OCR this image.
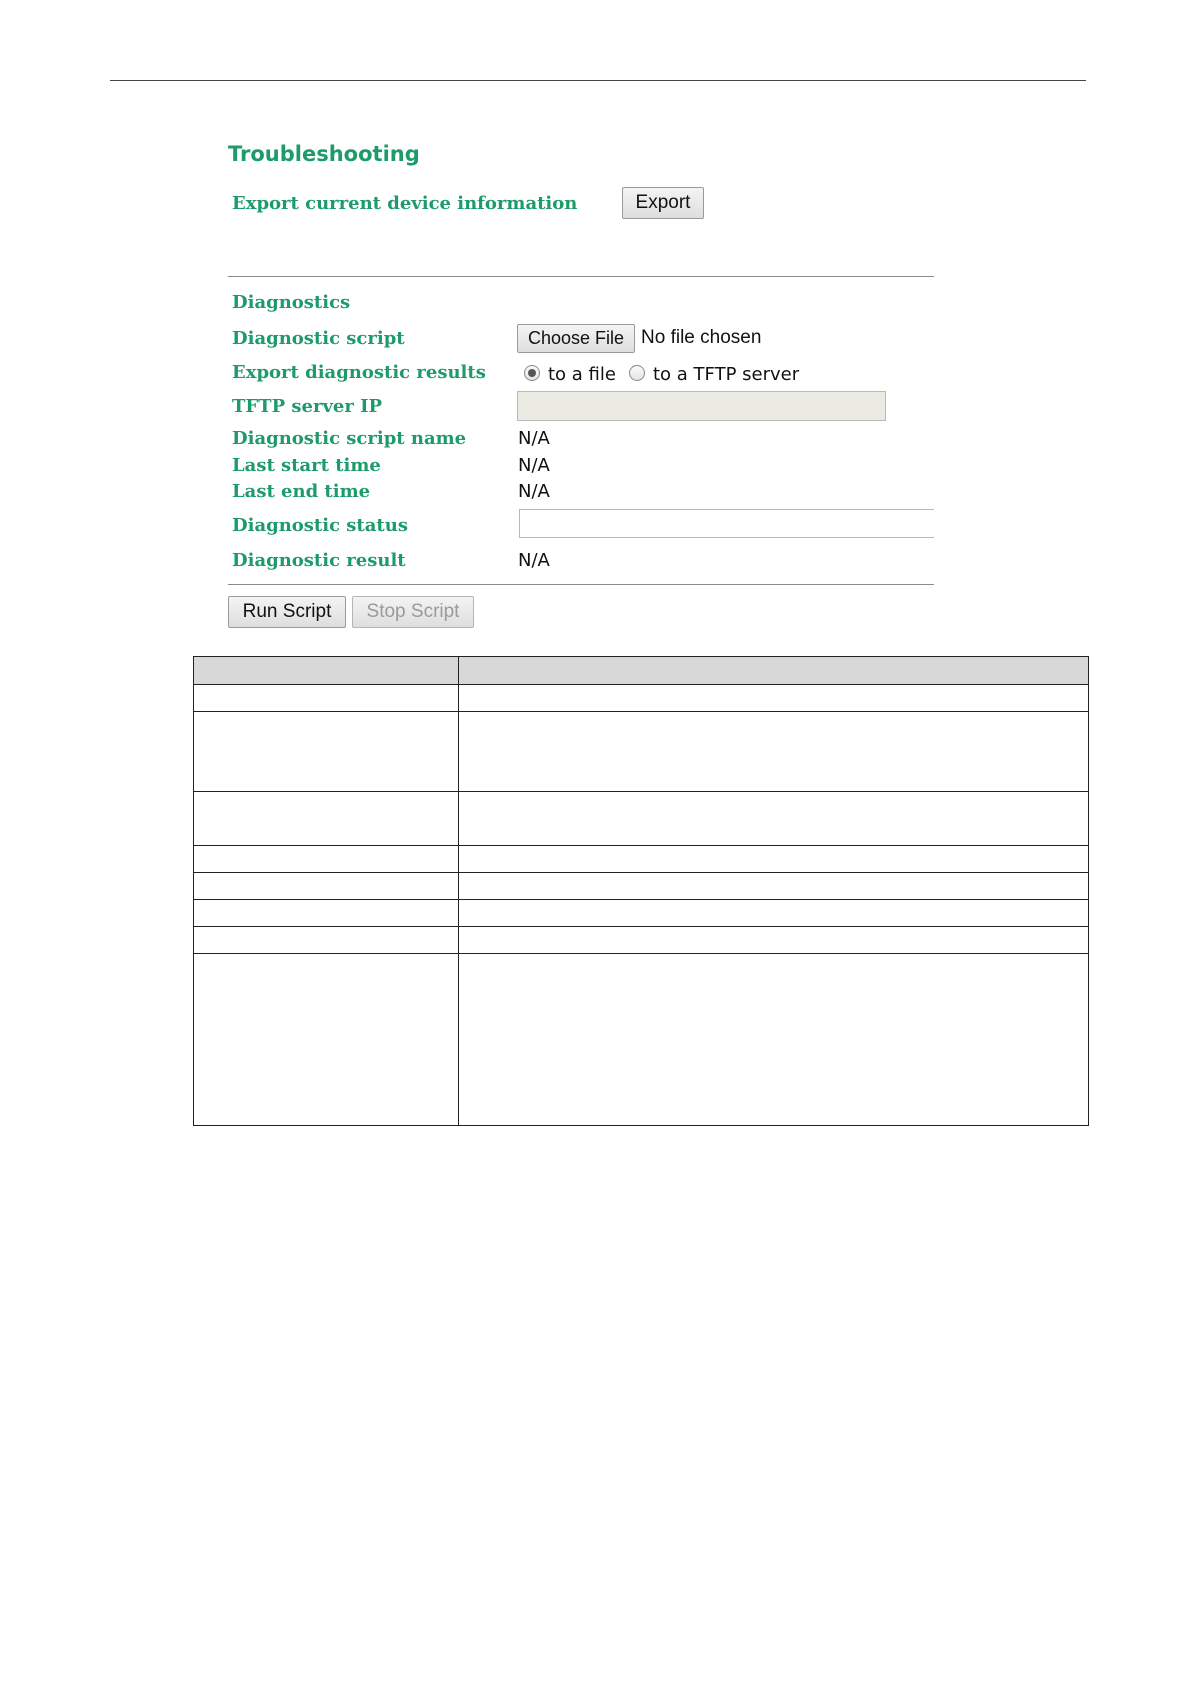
Troubleshooting
Export current device information	Export
Diagnostics
Diagnostic script	Choose File No file chosen
Export diagnostic results	to a file to a TFTP server
TFTP server IP
Diagnostic script name	N/A
Last start time	N/A
Last end time	N/A
Diagnostic status
Diagnostic result	N/A
Run Script	Stop Script
